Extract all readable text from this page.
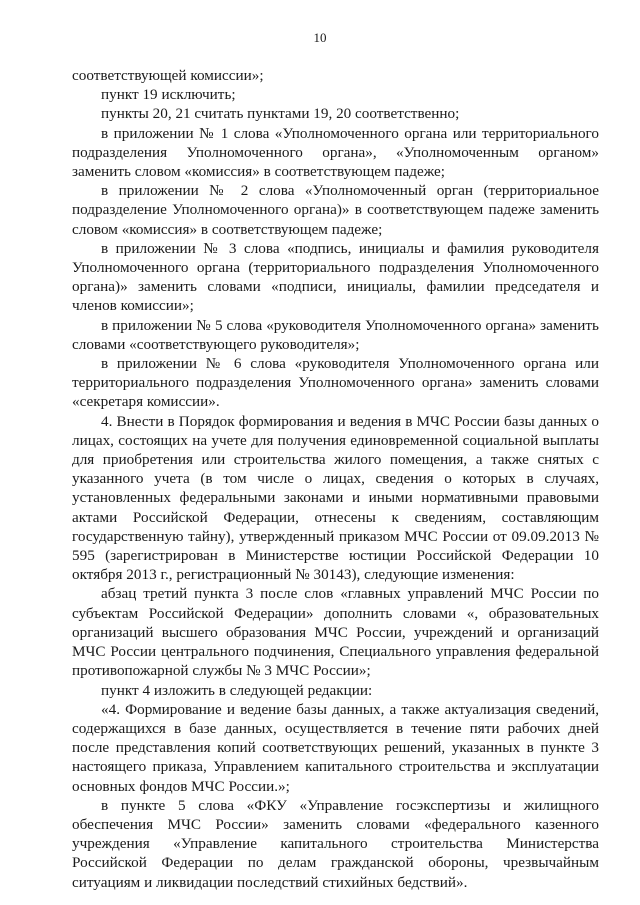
10

соответствующей комиссии»;

пункт 19 исключить;

пункты 20, 21 считать пунктами 19, 20 соответственно;

в приложении № 1 слова «Уполномоченного органа или территориального подразделения Уполномоченного органа», «Уполномоченным органом» заменить словом «комиссия» в соответствующем падеже;

в приложении № 2 слова «Уполномоченный орган (территориальное подразделение Уполномоченного органа)» в соответствующем падеже заменить словом «комиссия» в соответствующем падеже;

в приложении № 3 слова «подпись, инициалы и фамилия руководителя Уполномоченного органа (территориального подразделения Уполномоченного органа)» заменить словами «подписи, инициалы, фамилии председателя и членов комиссии»;

в приложении № 5 слова «руководителя Уполномоченного органа» заменить словами «соответствующего руководителя»;

в приложении № 6 слова «руководителя Уполномоченного органа или территориального подразделения Уполномоченного органа» заменить словами «секретаря комиссии».

4. Внести в Порядок формирования и ведения в МЧС России базы данных о лицах, состоящих на учете для получения единовременной социальной выплаты для приобретения или строительства жилого помещения, а также снятых с указанного учета (в том числе о лицах, сведения о которых в случаях, установленных федеральными законами и иными нормативными правовыми актами Российской Федерации, отнесены к сведениям, составляющим государственную тайну), утвержденный приказом МЧС России от 09.09.2013 № 595 (зарегистрирован в Министерстве юстиции Российской Федерации 10 октября 2013 г., регистрационный № 30143), следующие изменения:

абзац третий пункта 3 после слов «главных управлений МЧС России по субъектам Российской Федерации» дополнить словами «, образовательных организаций высшего образования МЧС России, учреждений и организаций МЧС России центрального подчинения, Специального управления федеральной противопожарной службы № 3 МЧС России»;

пункт 4 изложить в следующей редакции:

«4. Формирование и ведение базы данных, а также актуализация сведений, содержащихся в базе данных, осуществляется в течение пяти рабочих дней после представления копий соответствующих решений, указанных в пункте 3 настоящего приказа, Управлением капитального строительства и эксплуатации основных фондов МЧС России.»;

в пункте 5 слова «ФКУ «Управление госэкспертизы и жилищного обеспечения МЧС России» заменить словами «федерального казенного учреждения «Управление капитального строительства Министерства Российской Федерации по делам гражданской обороны, чрезвычайным ситуациям и ликвидации последствий стихийных бедствий».
